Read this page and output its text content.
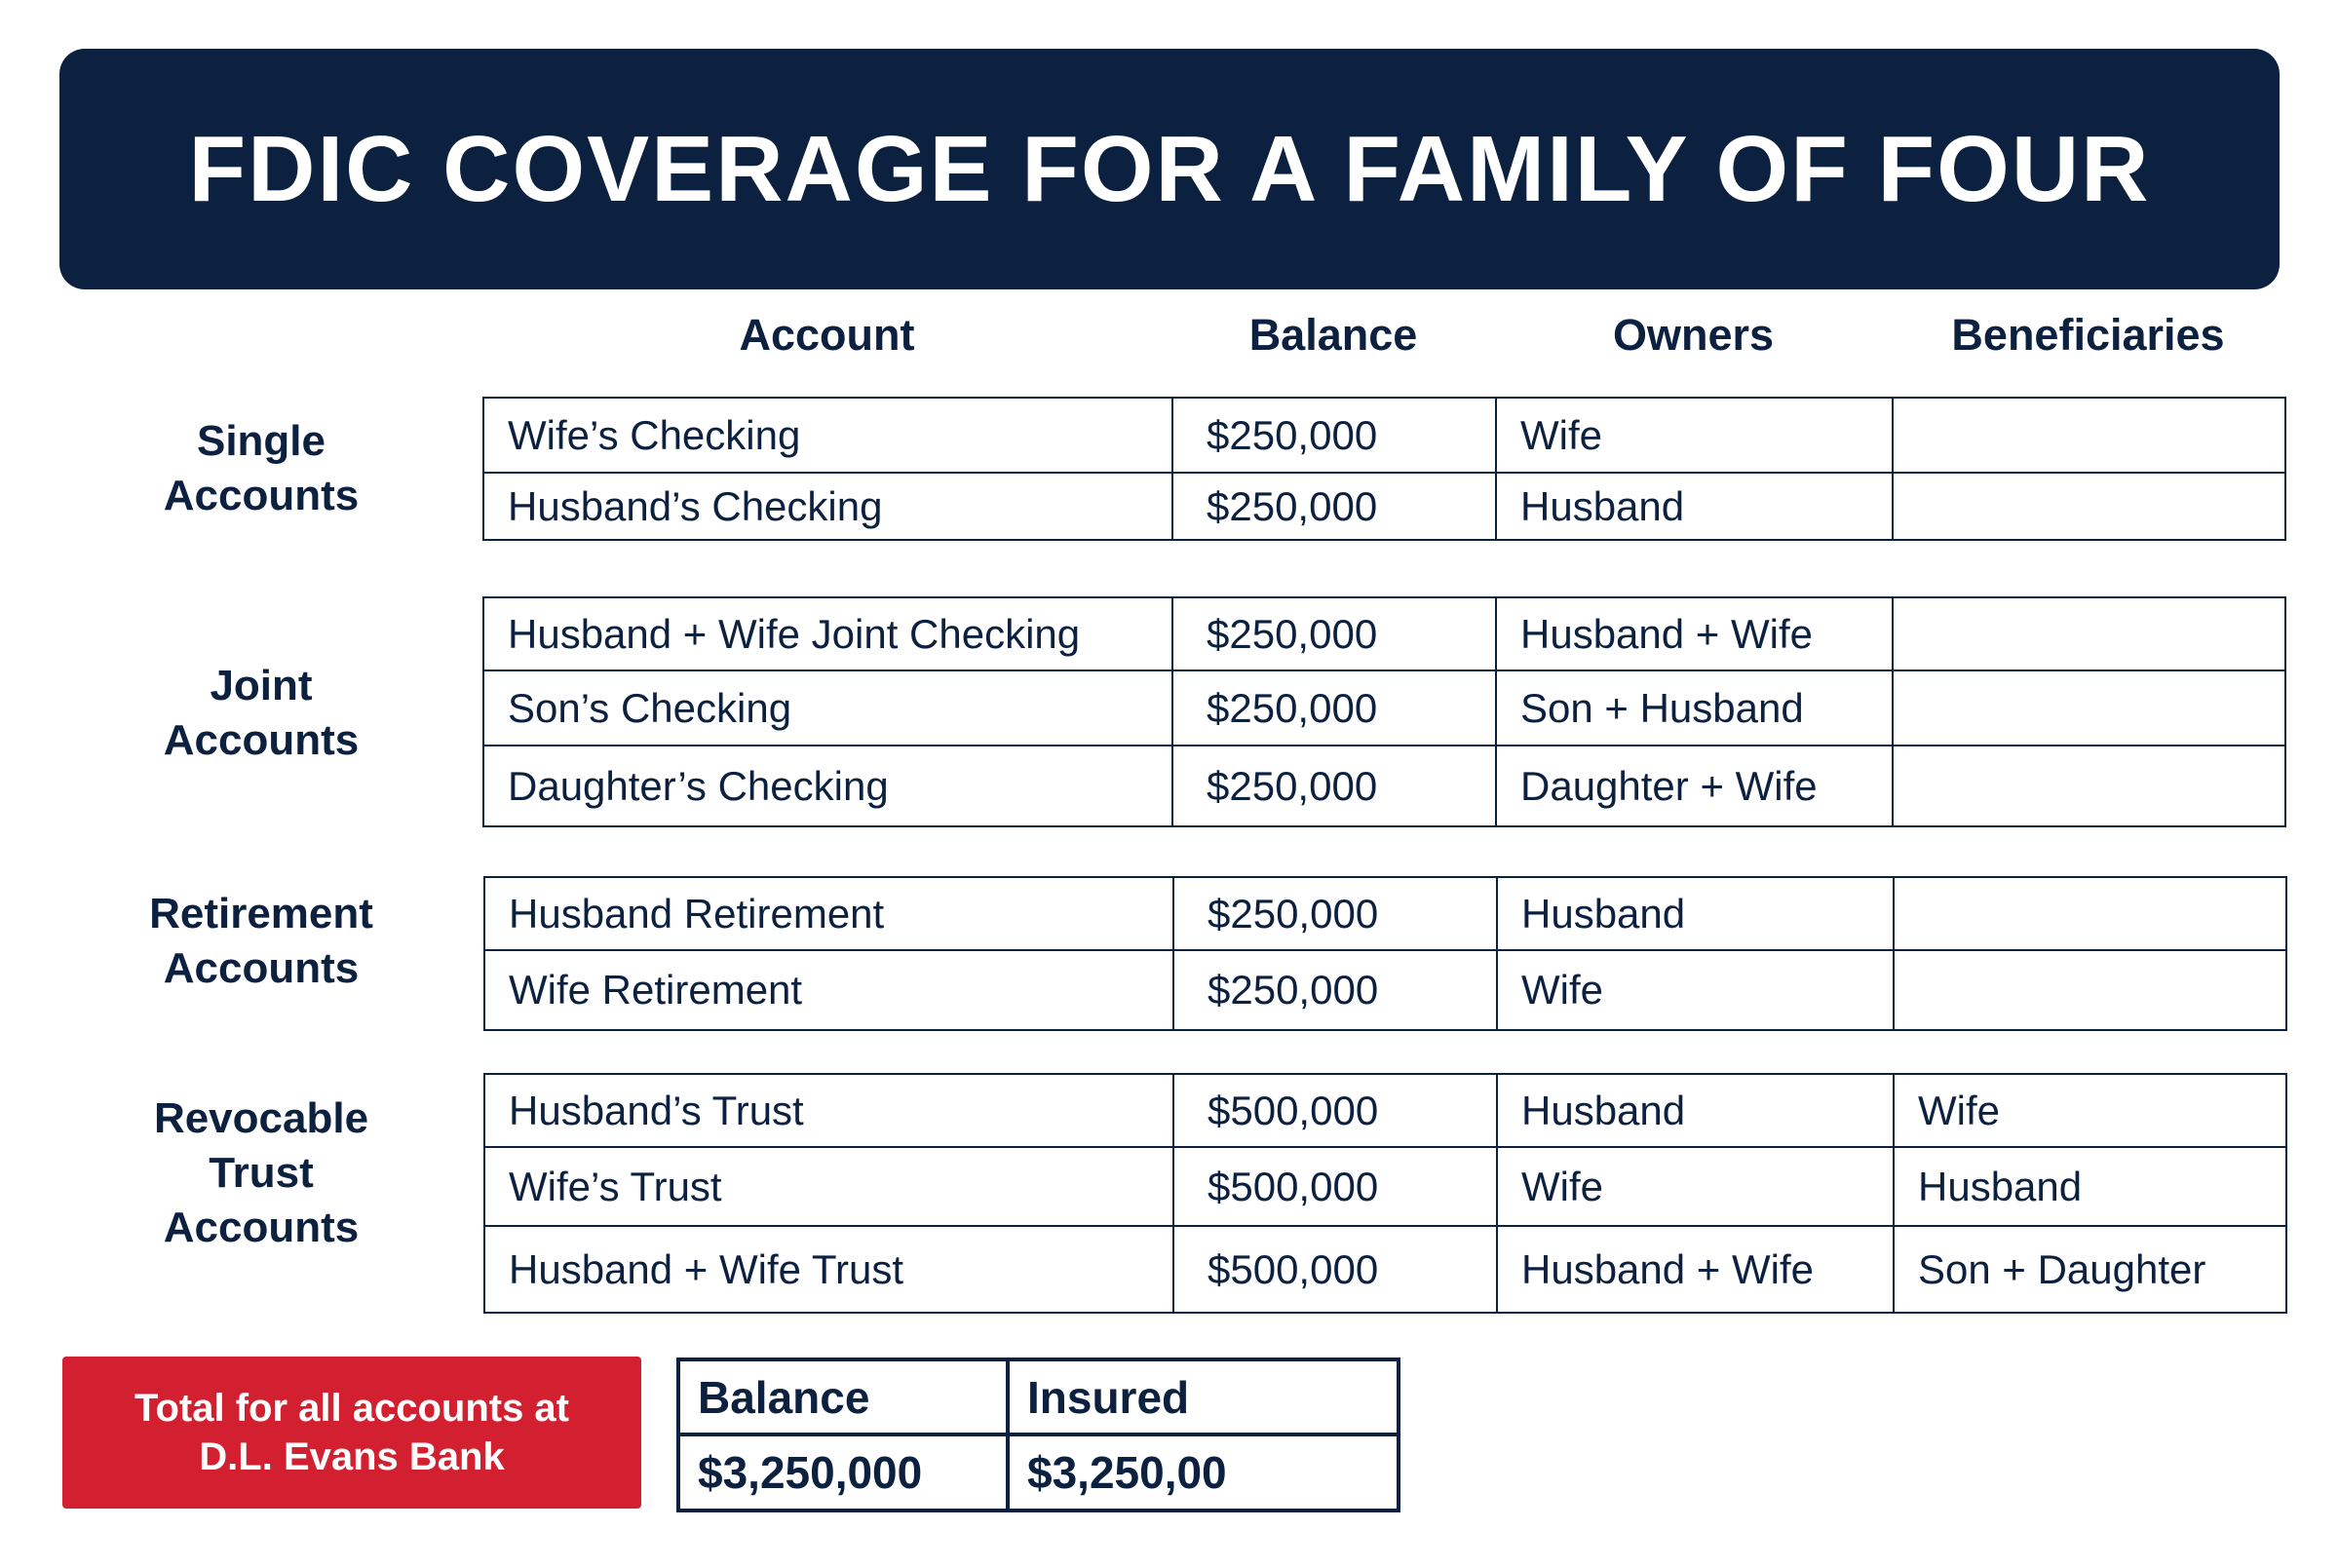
FDIC COVERAGE FOR A FAMILY OF FOUR
Account	Balance	Owners	Beneficiaries
Single
Accounts
Wife’s Checking	$250,000	Wife	
Husband’s Checking	$250,000	Husband	
Joint
Accounts
Husband + Wife Joint Checking	$250,000	Husband + Wife	
Son’s Checking	$250,000	Son + Husband	
Daughter’s Checking	$250,000	Daughter + Wife	
Retirement
Accounts
Husband Retirement	$250,000	Husband	
Wife Retirement	$250,000	Wife	
Revocable
Trust
Accounts
Husband’s Trust	$500,000	Husband	Wife
Wife’s Trust	$500,000	Wife	Husband
Husband + Wife Trust	$500,000	Husband + Wife	Son + Daughter
Total for all accounts at
D.L. Evans Bank
Balance	Insured
$3,250,000	$3,250,00
